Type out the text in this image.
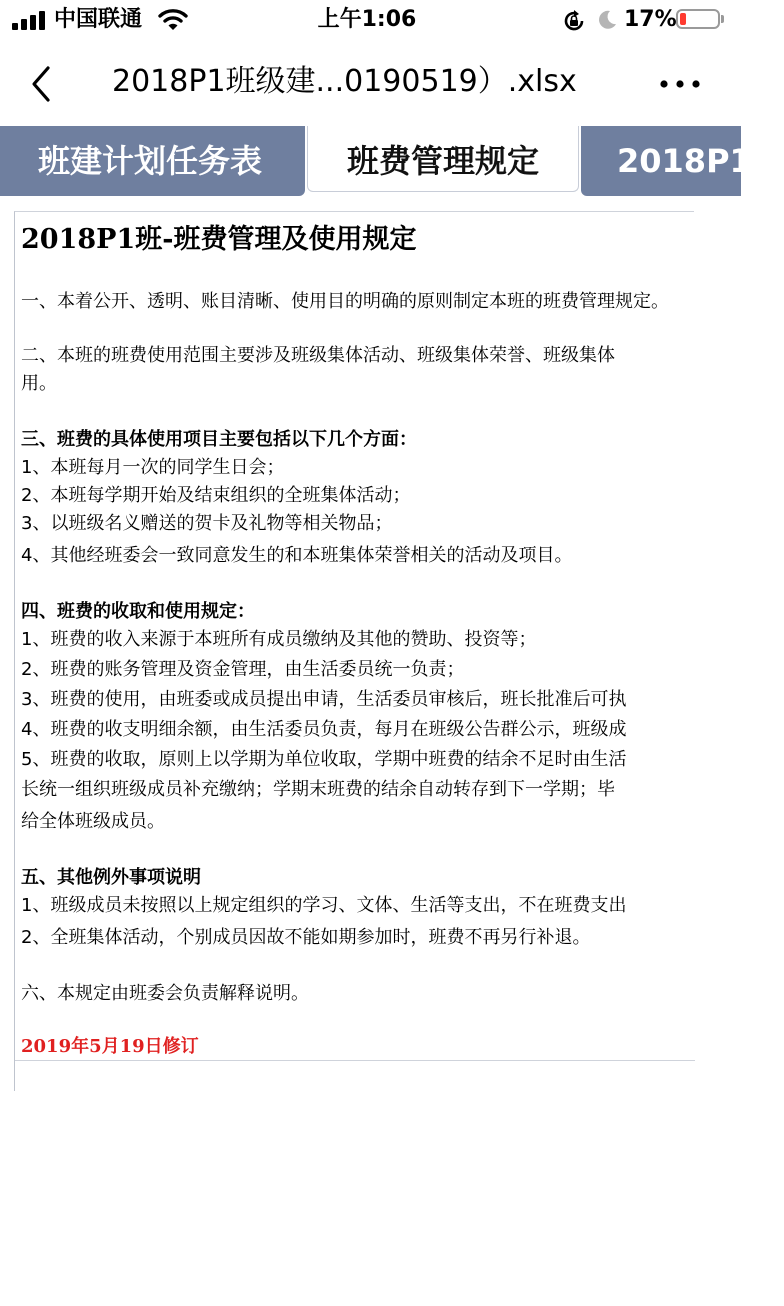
中国联通	上午1:06	17%
2018P1班级建...0190519）.xlsx
班建计划任务表	班费管理规定	2018P1班
2018P1班-班费管理及使用规定
一、本着公开、透明、账目清晰、使用目的明确的原则制定本班的班费管理规定。
二、本班的班费使用范围主要涉及班级集体活动、班级集体荣誉、班级集体
用。
三、班费的具体使用项目主要包括以下几个方面：
1、本班每月一次的同学生日会；
2、本班每学期开始及结束组织的全班集体活动；
3、以班级名义赠送的贺卡及礼物等相关物品；
4、其他经班委会一致同意发生的和本班集体荣誉相关的活动及项目。
四、班费的收取和使用规定：
1、班费的收入来源于本班所有成员缴纳及其他的赞助、投资等；
2、班费的账务管理及资金管理，由生活委员统一负责；
3、班费的使用，由班委或成员提出申请，生活委员审核后，班长批准后可执
4、班费的收支明细余额，由生活委员负责，每月在班级公告群公示，班级成
5、班费的收取，原则上以学期为单位收取，学期中班费的结余不足时由生活
长统一组织班级成员补充缴纳；学期末班费的结余自动转存到下一学期；毕
给全体班级成员。
五、其他例外事项说明
1、班级成员未按照以上规定组织的学习、文体、生活等支出，不在班费支出
2、全班集体活动，个别成员因故不能如期参加时，班费不再另行补退。
六、本规定由班委会负责解释说明。
2019年5月19日修订
